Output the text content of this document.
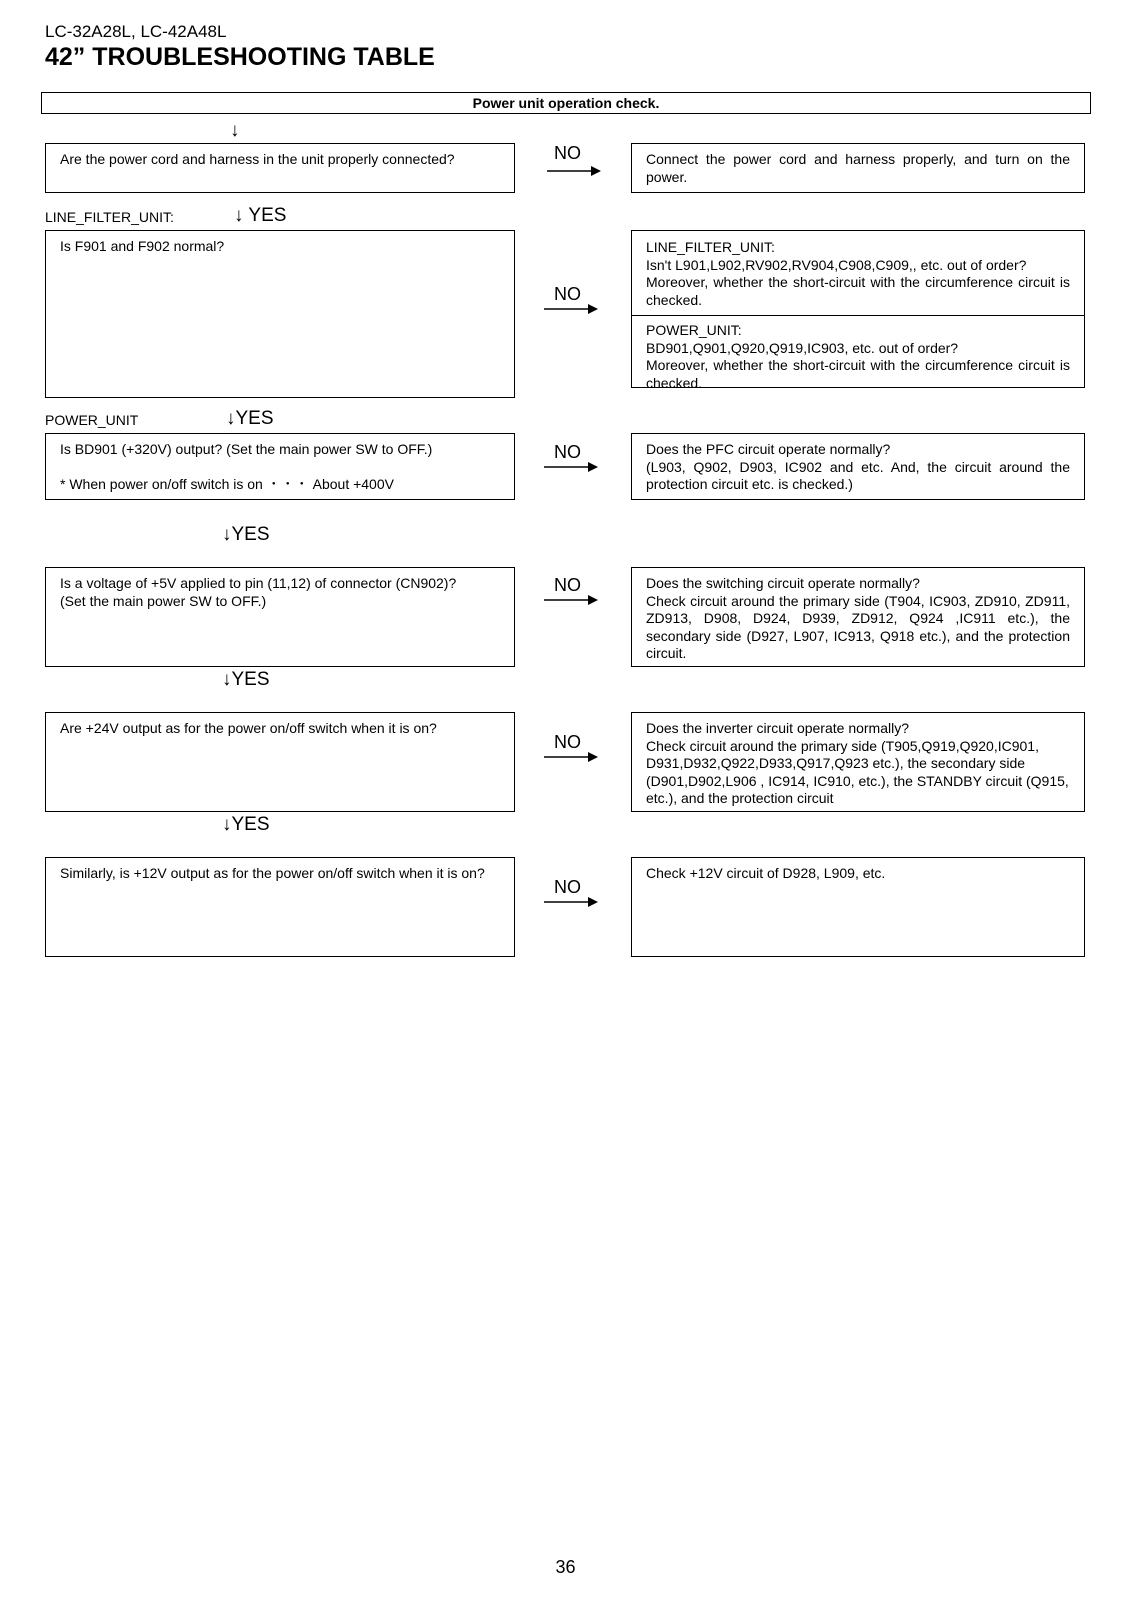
LC-32A28L, LC-42A48L
42” TROUBLESHOOTING TABLE
Power unit operation check.
↓

Are the power cord and harness in the unit properly connected?	NO	Connect the power cord and harness properly, and turn on the power.

LINE_FILTER_UNIT:	↓ YES

Is F901 and F902 normal?

NO

LINE_FILTER_UNIT:

Isn't L901,L902,RV902,RV904,C908,C909,, etc. out of order?

Moreover, whether the short-circuit with the circumference circuit is checked.

POWER_UNIT:

BD901,Q901,Q920,Q919,IC903, etc. out of order?

Moreover, whether the short-circuit with the circumference circuit is checked.

POWER_UNIT	↓YES

Is BD901 (+320V) output? (Set the main power SW to OFF.)

* When power on/off switch is on ・・・ About +400V

NO	Does the PFC circuit operate normally?

(L903, Q902, D903, IC902 and etc. And, the circuit around the protection circuit etc. is checked.)

↓YES

Is a voltage of +5V applied to pin (11,12) of connector (CN902)?

(Set the main power SW to OFF.)

NO	Does the switching circuit operate normally?

Check circuit around the primary side (T904, IC903, ZD910, ZD911, ZD913, D908, D924, D939, ZD912, Q924 ,IC911 etc.), the secondary side (D927, L907, IC913, Q918 etc.), and the protection circuit.

↓YES

Are +24V output as for the power on/off switch when it is on?

NO

Does the inverter circuit operate normally?

Check circuit around the primary side (T905,Q919,Q920,IC901, D931,D932,Q922,D933,Q917,Q923 etc.), the secondary side (D901,D902,L906 , IC914, IC910, etc.), the STANDBY circuit (Q915, etc.), and the protection circuit

↓YES

Similarly, is +12V output as for the power on/off switch when it is on?

NO

Check +12V circuit of D928, L909, etc.

36
